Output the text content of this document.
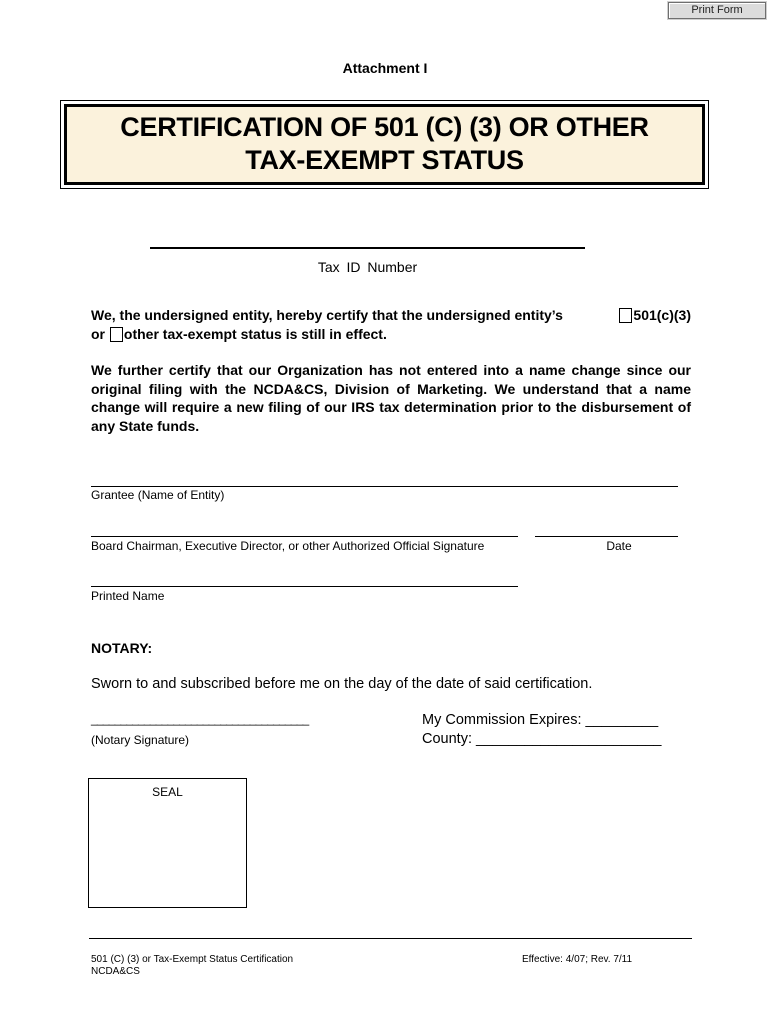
Print Form
Attachment I
CERTIFICATION OF 501 (C) (3) OR OTHER
TAX-EXEMPT STATUS
Tax ID Number
We, the undersigned entity, hereby certify that the undersigned entity’s	501(c)(3)
or other tax-exempt status is still in effect.
We further certify that our Organization has not entered into a name change since our original filing with the NCDA&CS, Division of Marketing. We understand that a name change will require a new filing of our IRS tax determination prior to the disbursement of any State funds.
Grantee (Name of Entity)
Board Chairman, Executive Director, or other Authorized Official Signature	Date
Printed Name
NOTARY:
Sworn to and subscribed before me on the day of the date of said certification.
_____________________________________
(Notary Signature)
My Commission Expires: _________
County: _______________________
SEAL
501 (C) (3) or Tax-Exempt Status Certification
NCDA&CS
Effective: 4/07; Rev. 7/11
